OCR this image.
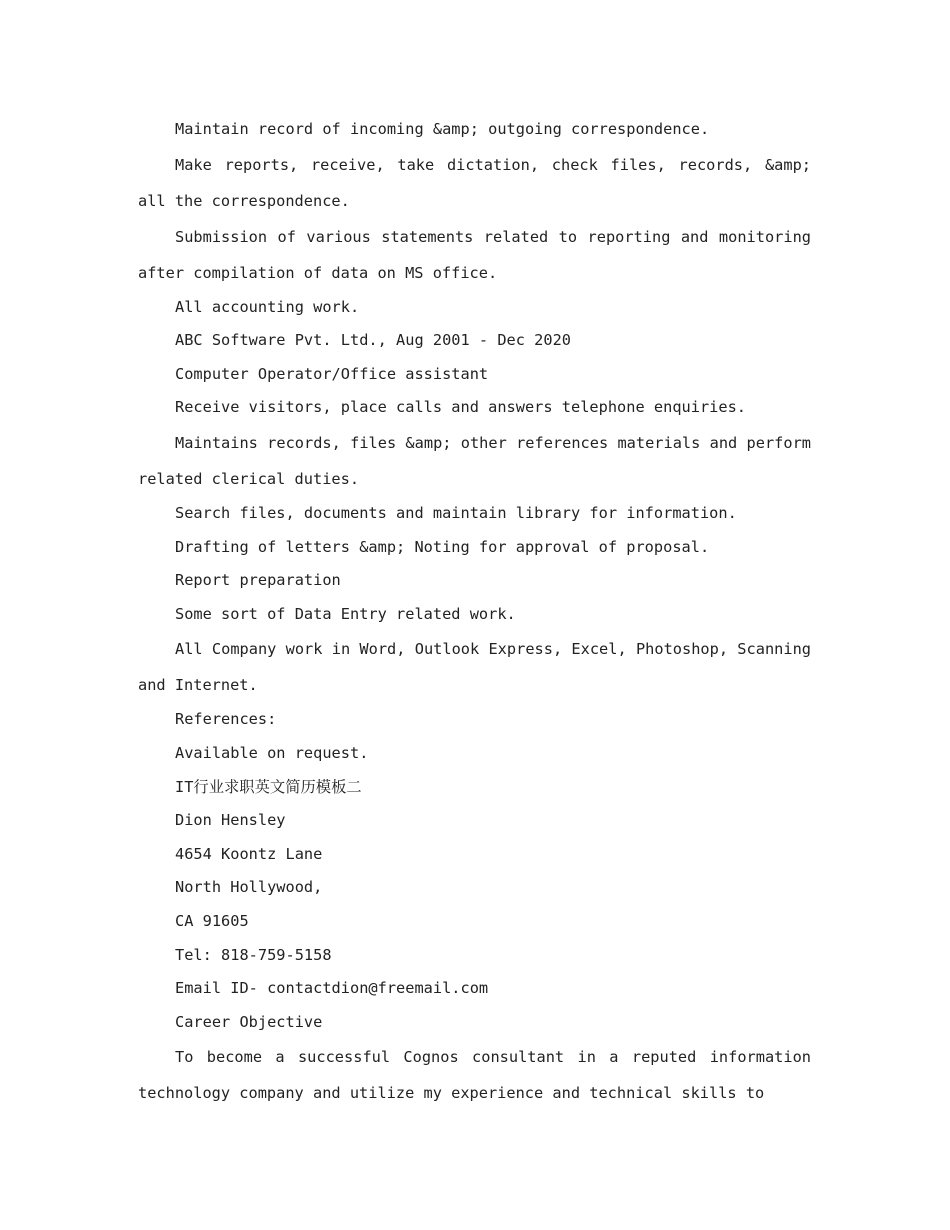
Maintain record of incoming &amp; outgoing correspondence.

Make reports, receive, take dictation, check files, records, &amp; all the correspondence.

Submission of various statements related to reporting and monitoring after compilation of data on MS office.

All accounting work.

ABC Software Pvt. Ltd., Aug 2001 - Dec 2020

Computer Operator/Office assistant

Receive visitors, place calls and answers telephone enquiries.

Maintains records, files &amp; other references materials and perform related clerical duties.

Search files, documents and maintain library for information.

Drafting of letters &amp; Noting for approval of proposal.

Report preparation

Some sort of Data Entry related work.

All Company work in Word, Outlook Express, Excel, Photoshop, Scanning and Internet.

References:

Available on request.

IT行业求职英文简历模板二

Dion Hensley

4654 Koontz Lane

North Hollywood,

CA 91605

Tel: 818-759-5158

Email ID- contactdion@freemail.com

Career Objective

To become a successful Cognos consultant in a reputed information technology company and utilize my experience and technical skills to
